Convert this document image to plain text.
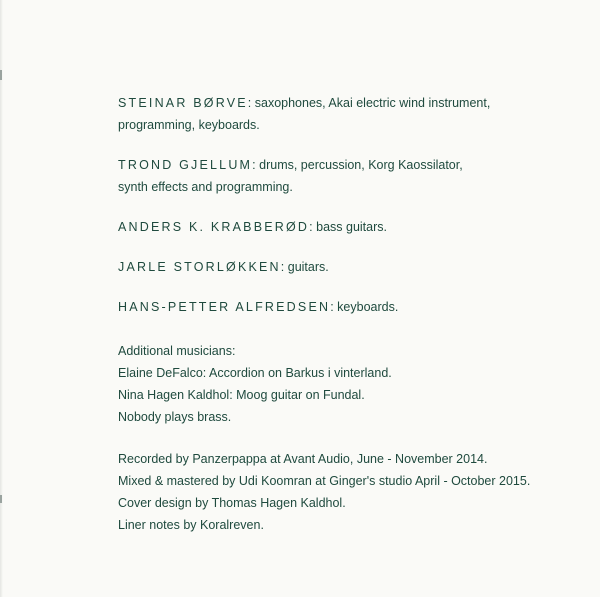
STEINAR BØRVE: saxophones, Akai electric wind instrument,
programming, keyboards.
TROND GJELLUM: drums, percussion, Korg Kaossilator,
synth effects and programming.
ANDERS K. KRABBERØD: bass guitars.
JARLE STORLØKKEN: guitars.
HANS-PETTER ALFREDSEN: keyboards.
Additional musicians:
Elaine DeFalco: Accordion on Barkus i vinterland.
Nina Hagen Kaldhol: Moog guitar on Fundal.
Nobody plays brass.
Recorded by Panzerpappa at Avant Audio, June - November 2014.
Mixed & mastered by Udi Koomran at Ginger's studio April - October 2015.
Cover design by Thomas Hagen Kaldhol.
Liner notes by Koralreven.
